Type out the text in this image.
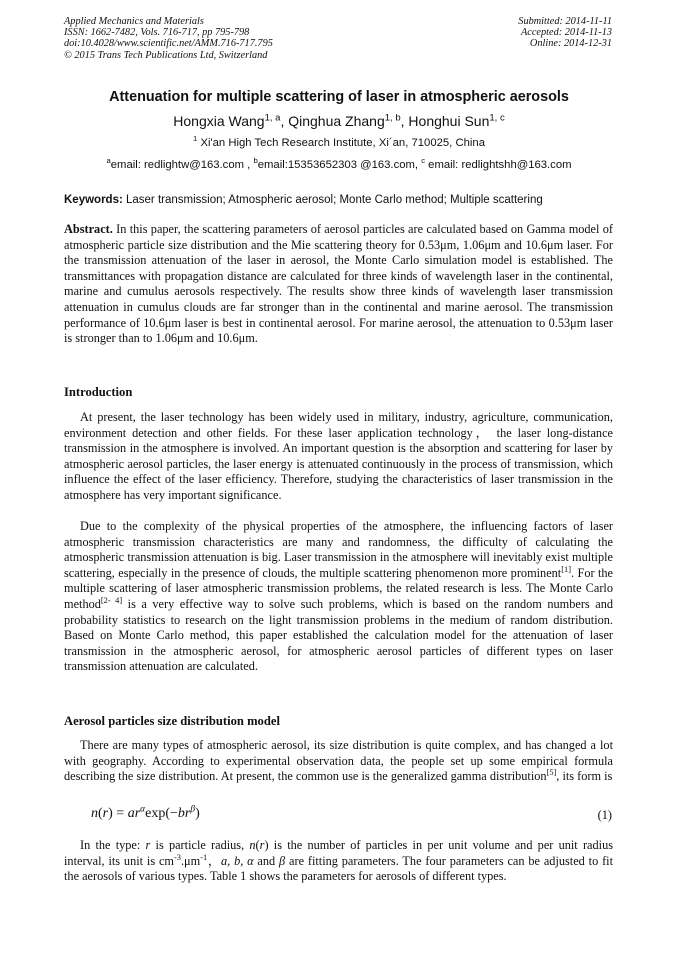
Applied Mechanics and Materials
ISSN: 1662-7482, Vols. 716-717, pp 795-798
doi:10.4028/www.scientific.net/AMM.716-717.795
© 2015 Trans Tech Publications Ltd, Switzerland
Submitted: 2014-11-11
Accepted: 2014-11-13
Online: 2014-12-31
Attenuation for multiple scattering of laser in atmospheric aerosols
Hongxia Wang$^{1, a}$, Qinghua Zhang$^{1, b}$, Honghui Sun$^{1, c}$
$^1$ Xi'an High Tech Research Institute, Xi´an, 710025, China
$^a$email: redlightw@163.com , $^b$email:15353652303 @163.com, $^c$ email: redlightshh@163.com
Keywords: Laser transmission; Atmospheric aerosol; Monte Carlo method; Multiple scattering

Abstract. In this paper, the scattering parameters of aerosol particles are calculated based on Gamma model of atmospheric particle size distribution and the Mie scattering theory for 0.53μm, 1.06μm and 10.6μm laser. For the transmission attenuation of the laser in aerosol, the Monte Carlo simulation model is established. The transmittances with propagation distance are calculated for three kinds of wavelength laser in the continental, marine and cumulus aerosols respectively. The results show three kinds of wavelength laser transmission attenuation in cumulus clouds are far stronger than in the continental and marine aerosol. The transmission performance of 10.6μm laser is best in continental aerosol. For marine aerosol, the attenuation to 0.53μm laser is stronger than to 1.06μm and 10.6μm.

Introduction

At present, the laser technology has been widely used in military, industry, agriculture, communication, environment detection and other fields. For these laser application technology， the laser long-distance transmission in the atmosphere is involved. An important question is the absorption and scattering for laser by atmospheric aerosol particles, the laser energy is attenuated continuously in the process of transmission, which influence the effect of the laser efficiency. Therefore, studying the characteristics of laser transmission in the atmosphere has very important significance.

Due to the complexity of the physical properties of the atmosphere, the influencing factors of laser atmospheric transmission characteristics are many and randomness, the difficulty of calculating the atmospheric transmission attenuation is big. Laser transmission in the atmosphere will inevitably exist multiple scattering, especially in the presence of clouds, the multiple scattering phenomenon more prominent[1]. For the multiple scattering of laser atmospheric transmission problems, the related research is less. The Monte Carlo method[2- 4] is a very effective way to solve such problems, which is based on the random numbers and probability statistics to research on the light transmission problems in the medium of random distribution. Based on Monte Carlo method, this paper established the calculation model for the attenuation of laser transmission in the atmospheric aerosol, for atmospheric aerosol particles of different types on laser transmission attenuation are calculated.

Aerosol particles size distribution model

There are many types of atmospheric aerosol, its size distribution is quite complex, and has changed a lot with geography. According to experimental observation data, the people set up some empirical formula describing the size distribution. At present, the common use is the generalized gamma distribution[5], its form is

$n(r) = ar^\alpha\exp(-br^\beta)$	(1)

In the type: r is particle radius, n(r) is the number of particles in per unit volume and per unit radius interval, its unit is $cm^{-3}.\mu m^{-1}$，a, b, α and β are fitting parameters. The four parameters can be adjusted to fit the aerosols of various types. Table 1 shows the parameters for aerosols of different types.
